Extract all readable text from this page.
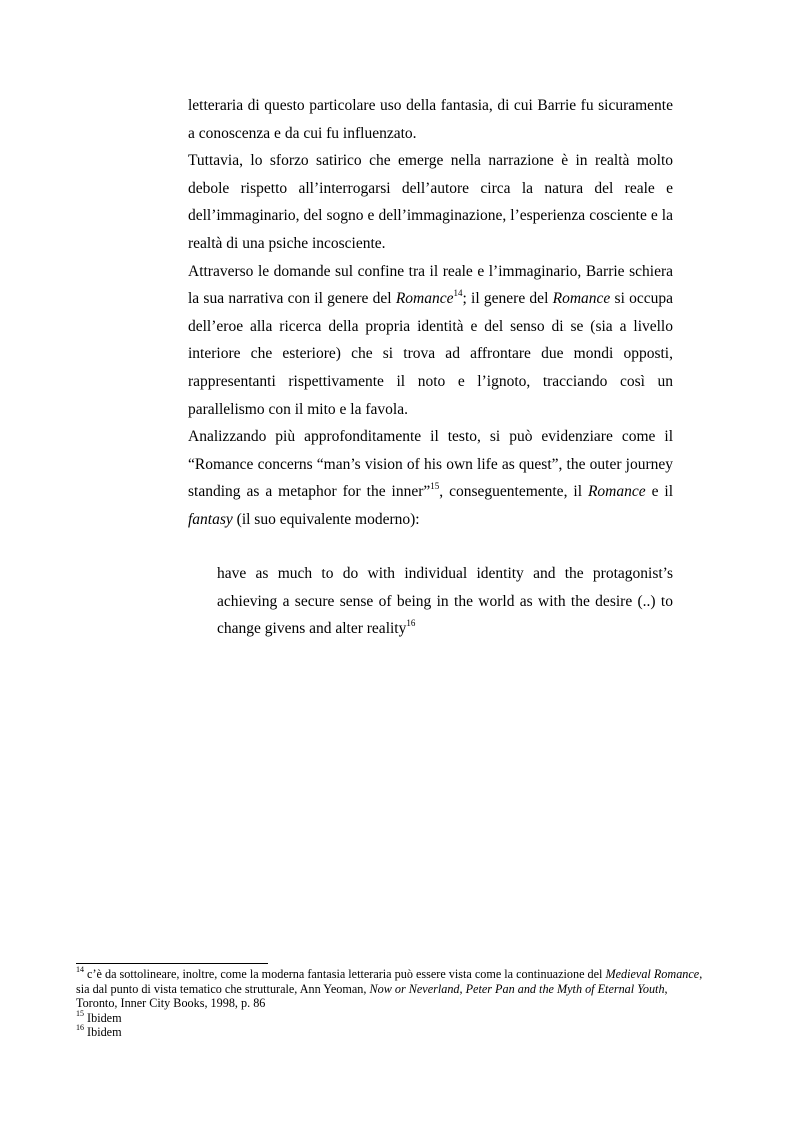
letteraria di questo particolare uso della fantasia, di cui Barrie fu sicuramente a conoscenza e da cui fu influenzato.

Tuttavia, lo sforzo satirico che emerge nella narrazione è in realtà molto debole rispetto all’interrogarsi dell’autore circa la natura del reale e dell’immaginario, del sogno e dell’immaginazione, l’esperienza cosciente e la realtà di una psiche incosciente.

Attraverso le domande sul confine tra il reale e l’immaginario, Barrie schiera la sua narrativa con il genere del Romance$^{14}$; il genere del Romance si occupa dell’eroe alla ricerca della propria identità e del senso di se (sia a livello interiore che esteriore) che si trova ad affrontare due mondi opposti, rappresentanti rispettivamente il noto e l’ignoto, tracciando così un parallelismo con il mito e la favola.

Analizzando più approfonditamente il testo, si può evidenziare come il “Romance concerns “man’s vision of his own life as quest”, the outer journey standing as a metaphor for the inner”$^{15}$, conseguentemente, il Romance e il fantasy (il suo equivalente moderno):

have as much to do with individual identity and the protagonist’s achieving a secure sense of being in the world as with the desire (..) to change givens and alter reality$^{16}$

$^{14}$ c’è da sottolineare, inoltre, come la moderna fantasia letteraria può essere vista come la continuazione del Medieval Romance, sia dal punto di vista tematico che strutturale, Ann Yeoman, Now or Neverland, Peter Pan and the Myth of Eternal Youth, Toronto, Inner City Books, 1998, p. 86

$^{15}$ Ibidem

$^{16}$ Ibidem
